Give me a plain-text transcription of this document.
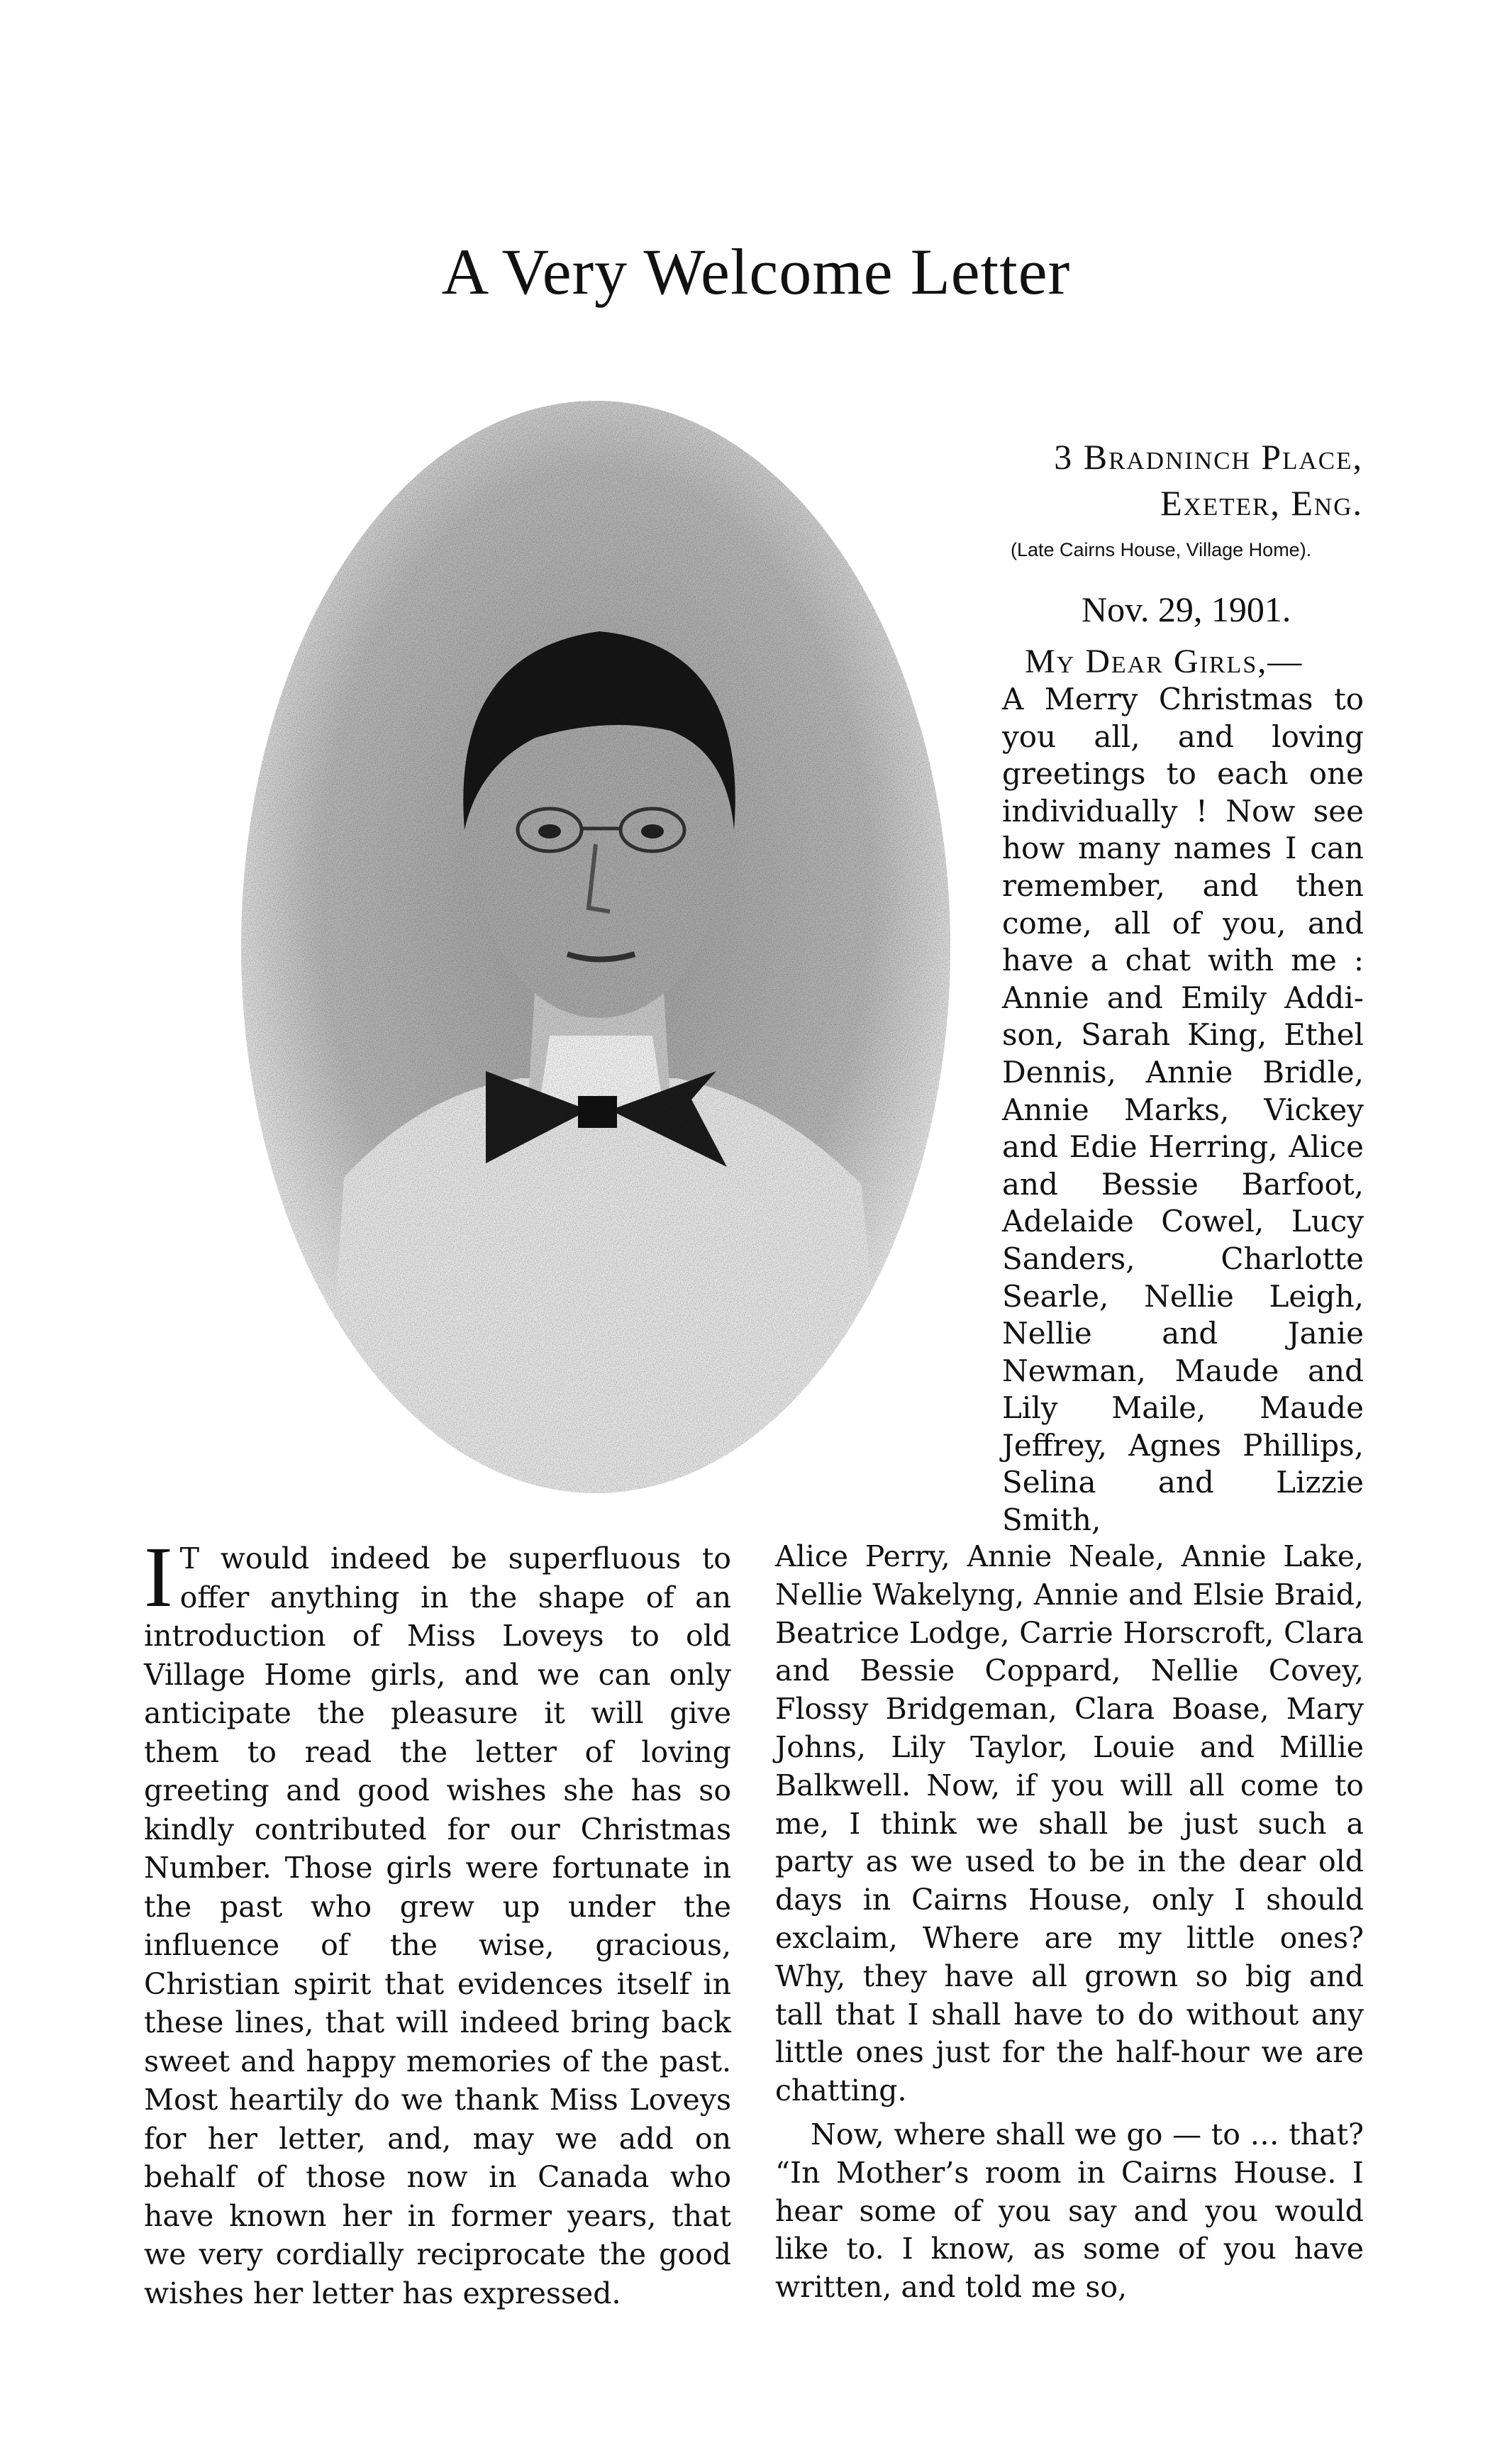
A Very Welcome Letter
3 Bradninch Place,
Exeter, Eng.
(Late Cairns House, Village Home).
Nov. 29, 1901.
My Dear Girls,—

A Merry Christmas to you all, and loving greetings to each one individually ! Now see how many names I can remember, and then come, all of you, and have a chat with me : Annie and Emily Addison, Sarah King, Ethel Dennis, Annie Bridle, Annie Marks, Vickey and Edie Herring, Alice and Bessie Barfoot, Adelaide Cowel, Lucy Sanders, Charlotte Searle, Nellie Leigh, Nellie and Janie Newman, Maude and Lily Maile, Maude Jeffrey, Agnes Phillips, Selina and Lizzie Smith,

Alice Perry, Annie Neale, Annie Lake, Nellie Wakelyng, Annie and Elsie Braid, Beatrice Lodge, Carrie Horscroft, Clara and Bessie Coppard, Nellie Covey, Flossy Bridgeman, Clara Boase, Mary Johns, Lily Taylor, Louie and Millie Balkwell. Now, if you will all come to me, I think we shall be just such a party as we used to be in the dear old days in Cairns House, only I should exclaim, Where are my little ones? Why, they have all grown so big and tall that I shall have to do without any little ones just for the half-hour we are chatting.

Now, where shall we go — to … that? “In Mother’s room in Cairns House. I hear some of you say and you would like to. I know, as some of you have written, and told me so,

I T would indeed be superfluous to offer anything in the shape of an introduction of Miss Loveys to old Village Home girls, and we can only anticipate the pleasure it will give them to read the letter of loving greeting and good wishes she has so kindly contributed for our Christmas Number. Those girls were fortunate in the past who grew up under the influence of the wise, gracious, Christian spirit that evidences itself in these lines, that will indeed bring back sweet and happy memories of the past. Most heartily do we thank Miss Loveys for her letter, and, may we add on behalf of those now in Canada who have known her in former years, that we very cordially reciprocate the good wishes her letter has expressed.
